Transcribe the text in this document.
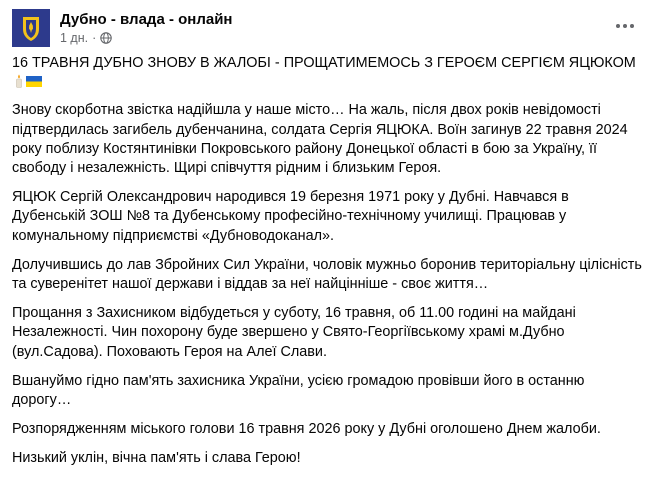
Дубно - влада - онлайн
1 дн. ·

16 ТРАВНЯ ДУБНО ЗНОВУ В ЖАЛОБІ - ПРОЩАТИМЕМОСЬ З ГЕРОЄМ СЕРГІЄМ ЯЦЮКОМ

Знову скорботна звістка надійшла у наше місто… На жаль, після двох років невідомості підтвердилась загибель дубенчанина, солдата Сергія ЯЦЮКА. Воїн загинув 22 травня 2024 року поблизу Костянтинівки Покровського району Донецької області в бою за Україну, її свободу і незалежність. Щирі співчуття рідним і близьким Героя.

ЯЦЮК Сергій Олександрович народився 19 березня 1971 року у Дубні. Навчався в Дубенській ЗОШ №8 та Дубенському професійно-технічному училищі. Працював у комунальному підприємстві «Дубноводоканал».

Долучившись до лав Збройних Сил України, чоловік мужньо боронив територіальну цілісність та суверенітет нашої держави і віддав за неї найцінніше - своє життя…

Прощання з Захисником відбудеться у суботу, 16 травня, об 11.00 годині на майдані Незалежності. Чин похорону буде звершено у Свято-Георгіївському храмі м.Дубно (вул.Садова). Поховають Героя на Алеї Слави.

Вшануймо гідно пам'ять захисника України, усією громадою провівши його в останню дорогу…

Розпорядженням міського голови 16 травня 2026 року у Дубні оголошено Днем жалоби.

Низький уклін, вічна пам'ять і слава Герою!
